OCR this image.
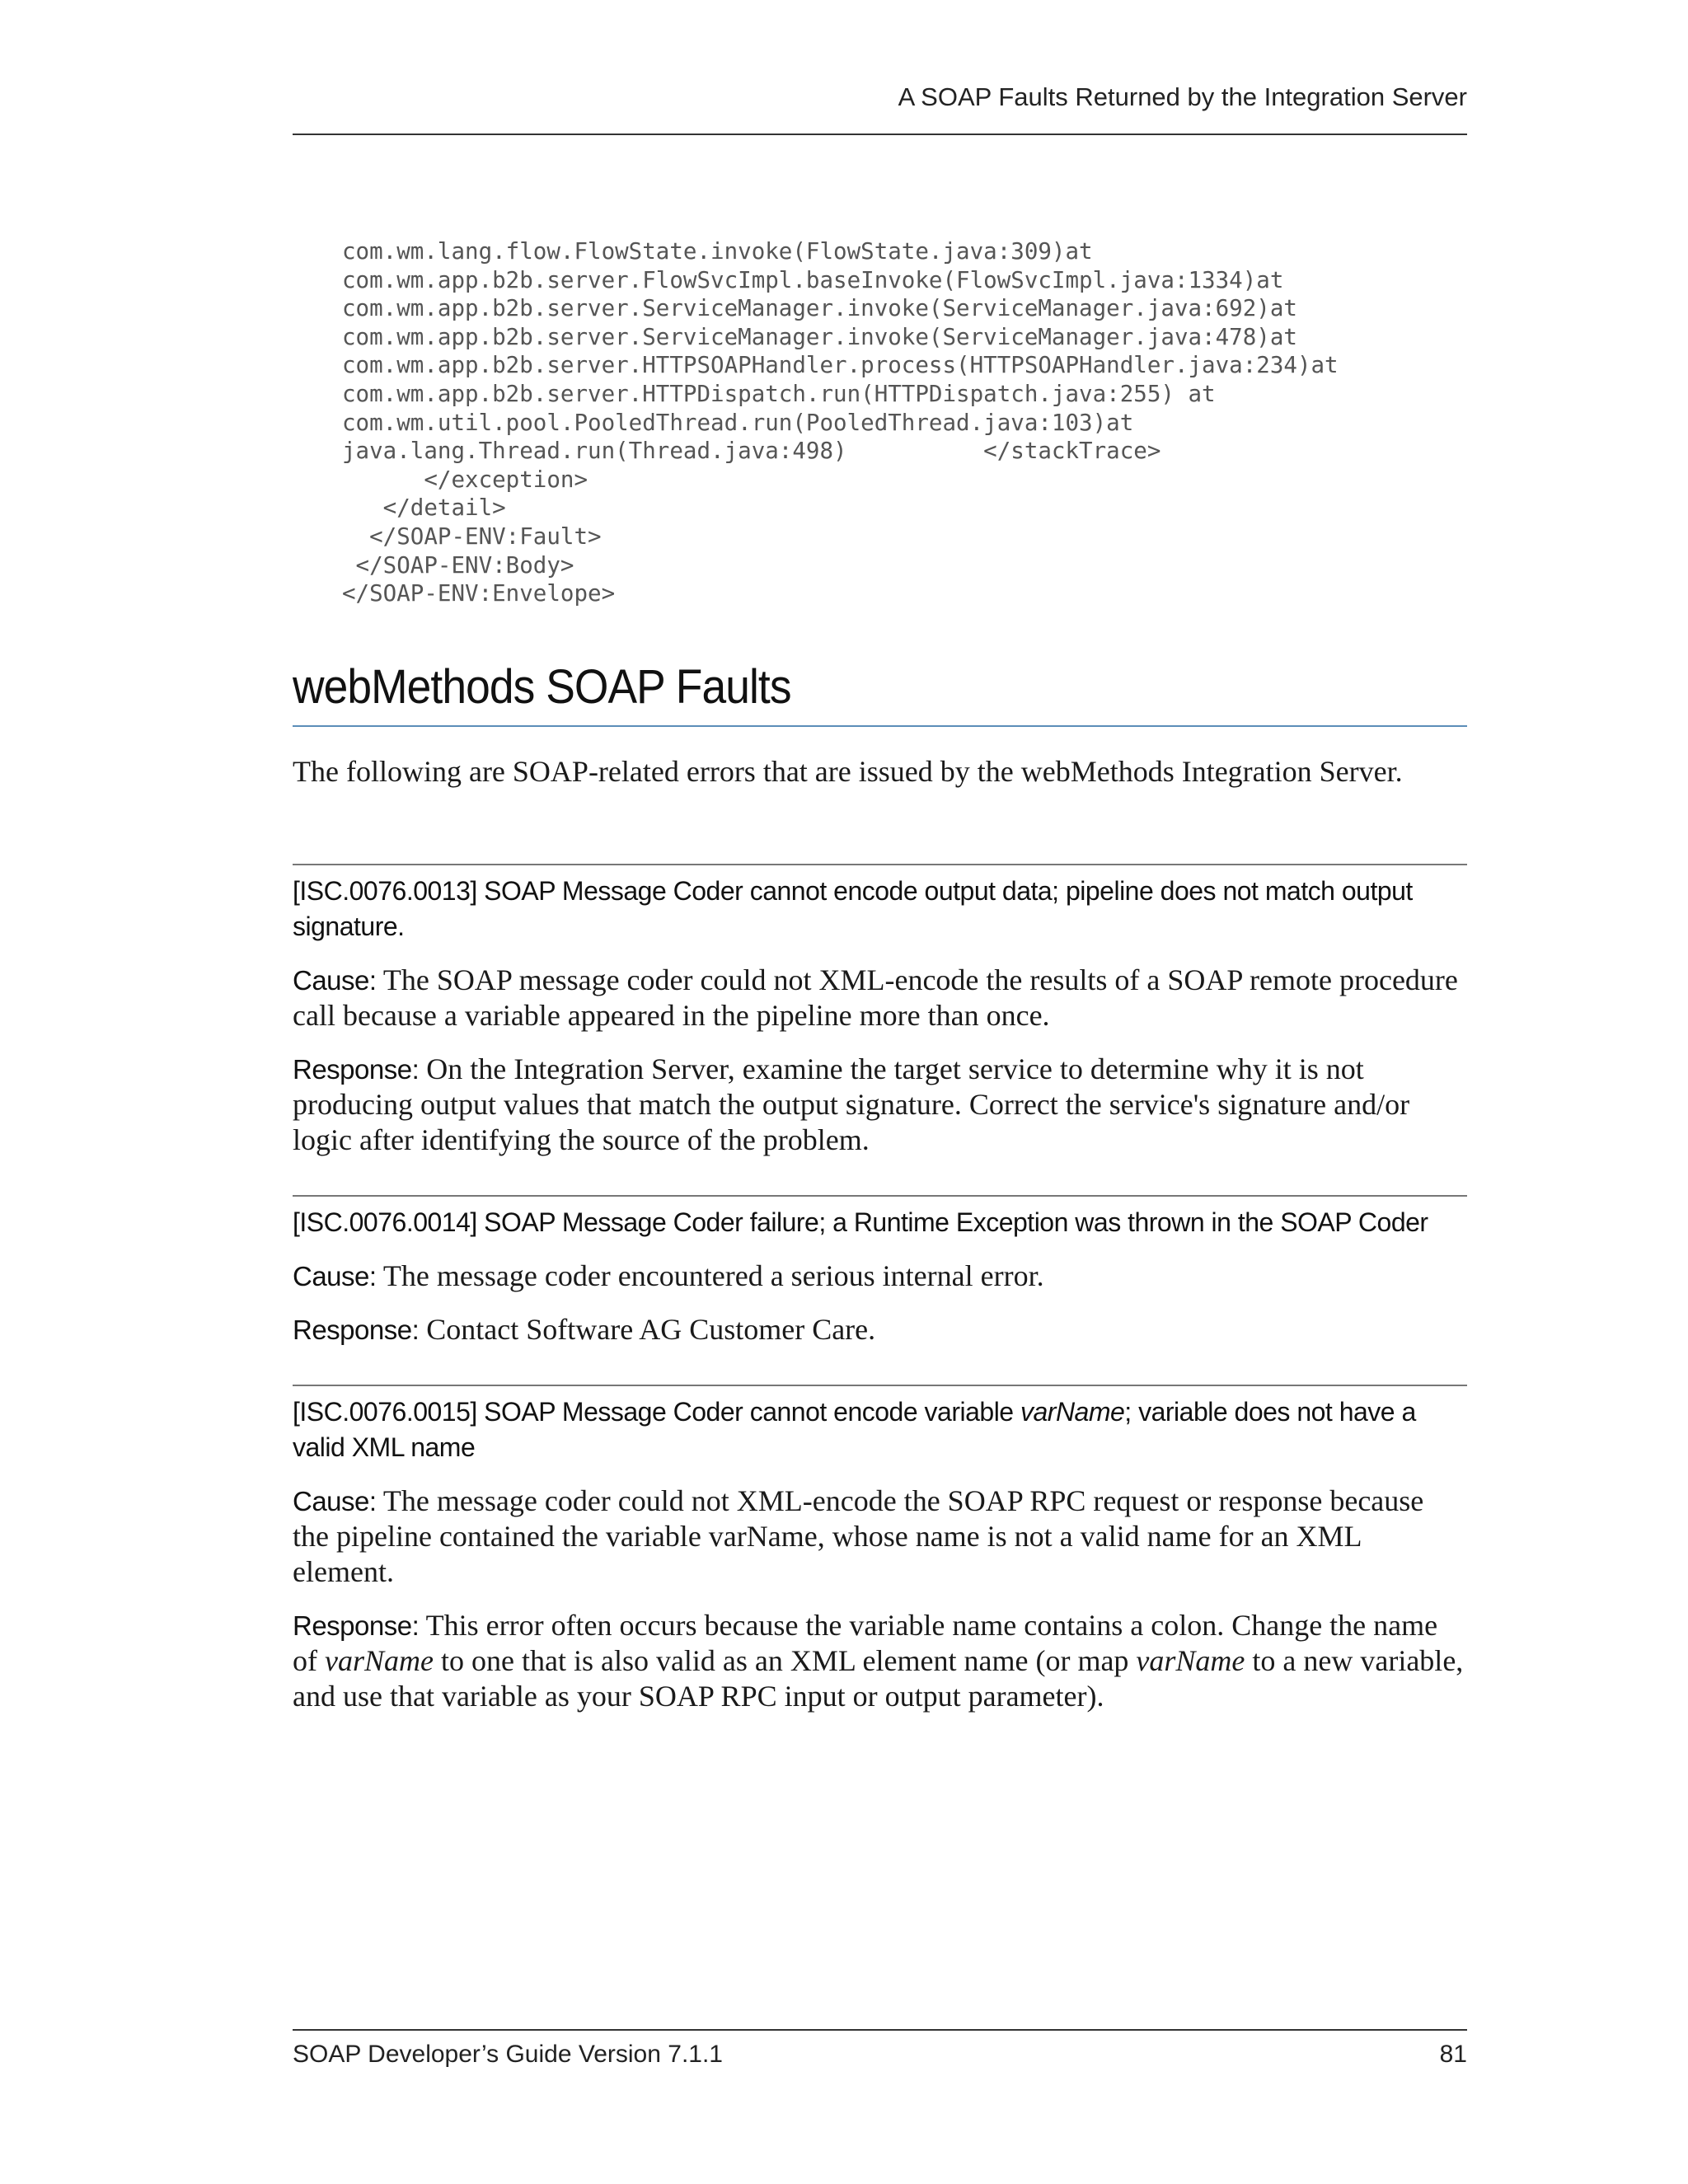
A SOAP Faults Returned by the Integration Server
com.wm.lang.flow.FlowState.invoke(FlowState.java:309)at
com.wm.app.b2b.server.FlowSvcImpl.baseInvoke(FlowSvcImpl.java:1334)at
com.wm.app.b2b.server.ServiceManager.invoke(ServiceManager.java:692)at
com.wm.app.b2b.server.ServiceManager.invoke(ServiceManager.java:478)at
com.wm.app.b2b.server.HTTPSOAPHandler.process(HTTPSOAPHandler.java:234)at
com.wm.app.b2b.server.HTTPDispatch.run(HTTPDispatch.java:255) at
com.wm.util.pool.PooledThread.run(PooledThread.java:103)at
java.lang.Thread.run(Thread.java:498)          </stackTrace>
</exception>
</detail>
</SOAP-ENV:Fault>
</SOAP-ENV:Body>
</SOAP-ENV:Envelope>
webMethods SOAP Faults

The following are SOAP-related errors that are issued by the webMethods Integration Server.

[ISC.0076.0013] SOAP Message Coder cannot encode output data; pipeline does not match output signature.

Cause: The SOAP message coder could not XML-encode the results of a SOAP remote procedure call because a variable appeared in the pipeline more than once.

Response: On the Integration Server, examine the target service to determine why it is not producing output values that match the output signature. Correct the service's signature and/or logic after identifying the source of the problem.

[ISC.0076.0014] SOAP Message Coder failure; a Runtime Exception was thrown in the SOAP Coder

Cause: The message coder encountered a serious internal error.

Response: Contact Software AG Customer Care.

[ISC.0076.0015] SOAP Message Coder cannot encode variable varName; variable does not have a valid XML name

Cause: The message coder could not XML-encode the SOAP RPC request or response because the pipeline contained the variable varName, whose name is not a valid name for an XML element.

Response: This error often occurs because the variable name contains a colon. Change the name of varName to one that is also valid as an XML element name (or map varName to a new variable, and use that variable as your SOAP RPC input or output parameter).

SOAP Developer’s Guide Version 7.1.1	81
